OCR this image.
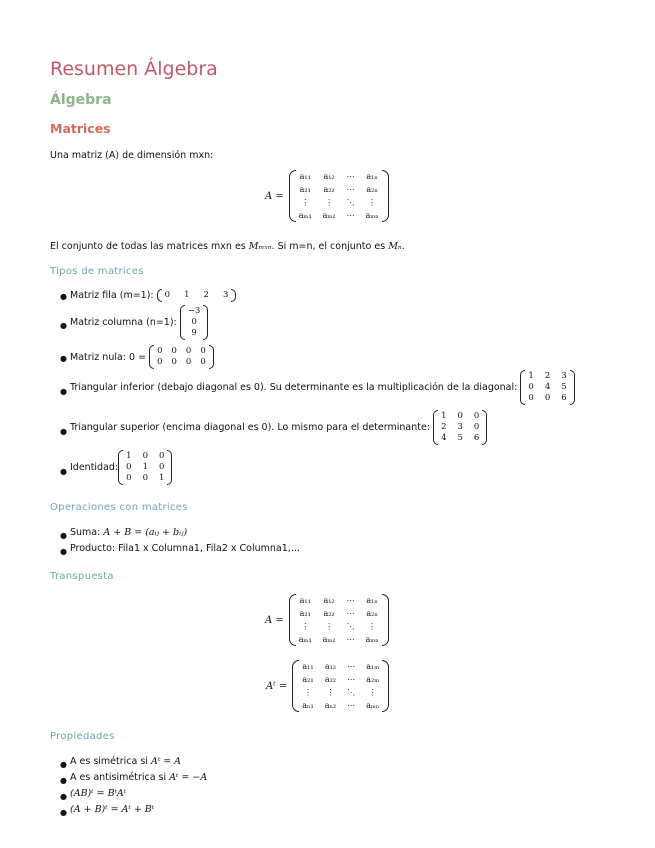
Resumen Álgebra
Álgebra
Matrices
Una matriz (A) de dimensión mxn:
A =
a₁₁ a₁₂ ⋯ a₁ₙ
a₂₁ a₂₂ ⋯ a₂ₙ
⋮	⋮	⋱	⋮
aₘ₁ aₘ₂ ⋯ aₘₙ
El conjunto de todas las matrices mxn es Mₘₓₙ. Si m=n, el conjunto es Mₙ.
Tipos de matrices
● Matriz fila (m=1):
0 1 2 3
● Matriz columna (n=1):

−3
0
9
● Matriz nula: 0 =

0 0 0 0
0 0 0 0
● Triangular inferior (debajo diagonal es 0). Su determinante es la multiplicación de la diagonal:

1 2 3
0 4 5
0 0 6
● Triangular superior (encima diagonal es 0). Lo mismo para el determinante:

1 0 0
2 3 0
4 5 6
● Identidad:
1 0 0
0 1 0
0 0 1
Operaciones con matrices
● Suma:
A + B = (aᵢⱼ + bᵢⱼ)
● Producto: Fila1 x Columna1, Fila2 x Columna1,...
Transpuesta
A =
a₁₁ a₁₂ ⋯ a₁ₙ
a₂₁ a₂₂ ⋯ a₂ₙ
⋮	⋮	⋱	⋮
aₘ₁ aₘ₂ ⋯ aₘₙ
Aᵗ =
a₁₁ a₁₂ ⋯ a₁ₘ
a₂₁ a₂₂ ⋯ a₂ₘ
⋮ ⋮ ⋱	⋮
aₙ₁ aₙ₂ ⋯ aₘₙ
Propiedades
● A es simétrica si
Aᵗ = A
● A es antisimétrica si
Aᵗ = −A
● (AB)ᵗ = BᵗAᵗ
● (A + B)ᵗ = Aᵗ + Bᵗ
